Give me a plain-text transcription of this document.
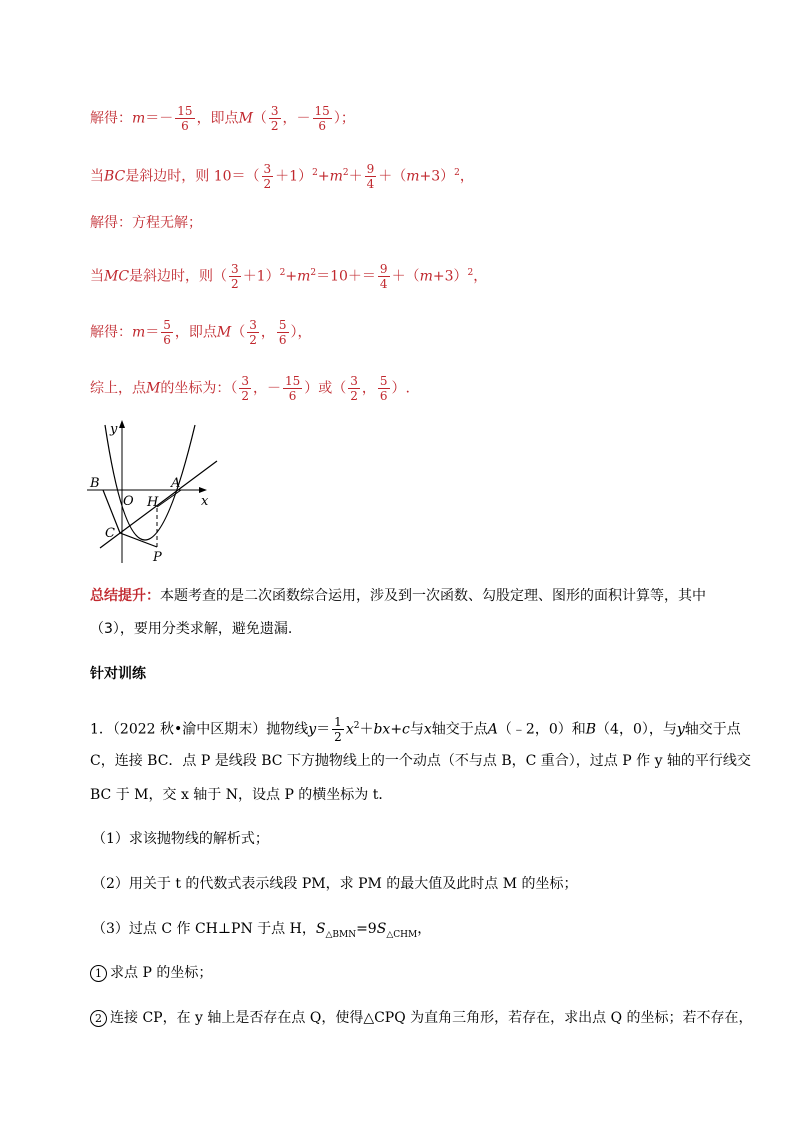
解得：$m=- \frac{15}{6}$ ，即点$M( \frac{3}{2}$ ，－ $\frac{15}{6}$ ）；
当BC是斜边时，则 $10=( \frac{3}{2} +1)^2+m^2+ \frac{9}{4} +(m+3)^2$，
解得：方程无解；
当MC是斜边时，则（ $\frac{3}{2} +1)^2+m^2=10+= \frac{9}{4} +(m+3)^2$，
解得：$m= \frac{5}{6}$ ，即点$M( \frac{3}{2}$ ， $\frac{5}{6}$ ），
综上，点M的坐标为：（ $\frac{3}{2}$ ，－ $\frac{15}{6}$ ）或（ $\frac{3}{2}$ ， $\frac{5}{6}$ ）.
y
x
B
O H
A
C
P
总结提升：本题考查的是二次函数综合运用，涉及到一次函数、勾股定理、图形的面积计算等，其中
（3），要用分类求解，避免遗漏.
针对训练
1．（2022 秋•渝中区期末）抛物线$y= \frac{1}{2} x^2+bx+c$与x轴交于点A（﹣2，0）和B（4，0），与y轴交于点
C，连接 BC．点 P 是线段 BC 下方抛物线上的一个动点（不与点 B，C 重合），过点 P 作 y 轴的平行线交
BC 于 M，交 x 轴于 N，设点 P 的横坐标为 t．
（1）求该抛物线的解析式；
（2）用关于 t 的代数式表示线段 PM，求 PM 的最大值及此时点 M 的坐标；
（3）过点 C 作 CH⊥PN 于点 H，$S_{\triangle BMN}=9S_{\triangle CHM}$，
1 求点 P 的坐标；
2 连接 CP，在 y 轴上是否存在点 Q，使得△CPQ 为直角三角形，若存在，求出点 Q 的坐标；若不存在，
